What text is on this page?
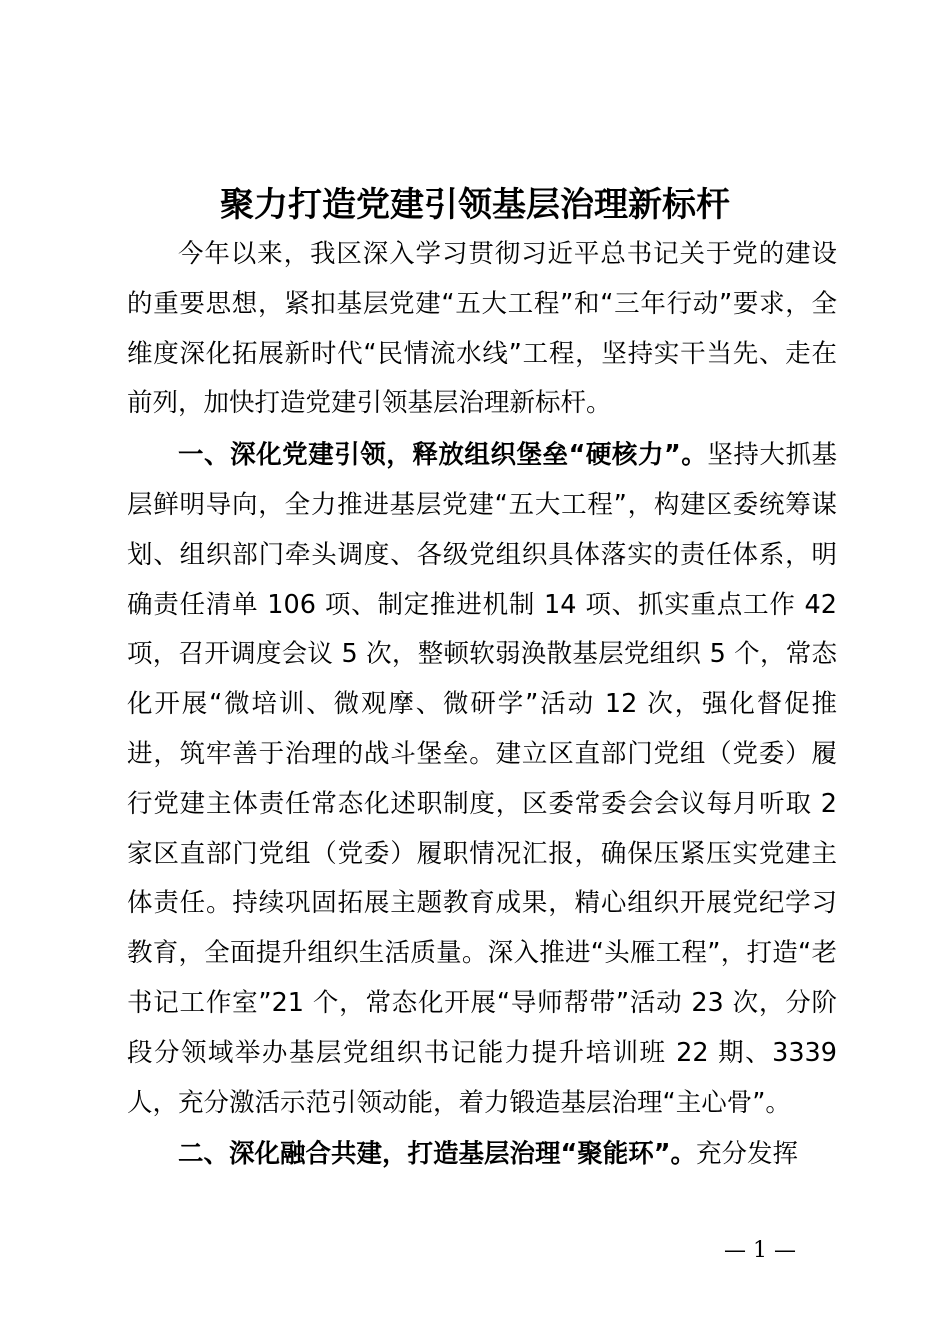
聚力打造党建引领基层治理新标杆

今年以来，我区深入学习贯彻习近平总书记关于党的建设的重要思想，紧扣基层党建“五大工程”和“三年行动”要求，全维度深化拓展新时代“民情流水线”工程，坚持实干当先、走在前列，加快打造党建引领基层治理新标杆。

一、深化党建引领，释放组织堡垒“硬核力”。坚持大抓基层鲜明导向，全力推进基层党建“五大工程”，构建区委统筹谋划、组织部门牵头调度、各级党组织具体落实的责任体系，明确责任清单 106 项、制定推进机制 14 项、抓实重点工作 42 项，召开调度会议 5 次，整顿软弱涣散基层党组织 5 个，常态化开展“微培训、微观摩、微研学”活动 12 次，强化督促推进，筑牢善于治理的战斗堡垒。建立区直部门党组（党委）履行党建主体责任常态化述职制度，区委常委会会议每月听取 2 家区直部门党组（党委）履职情况汇报，确保压紧压实党建主体责任。持续巩固拓展主题教育成果，精心组织开展党纪学习教育，全面提升组织生活质量。深入推进“头雁工程”，打造“老书记工作室”21 个，常态化开展“导师帮带”活动 23 次，分阶段分领域举办基层党组织书记能力提升培训班 22 期、3339 人，充分激活示范引领动能，着力锻造基层治理“主心骨”。

二、深化融合共建，打造基层治理“聚能环”。充分发挥

— 1 —
